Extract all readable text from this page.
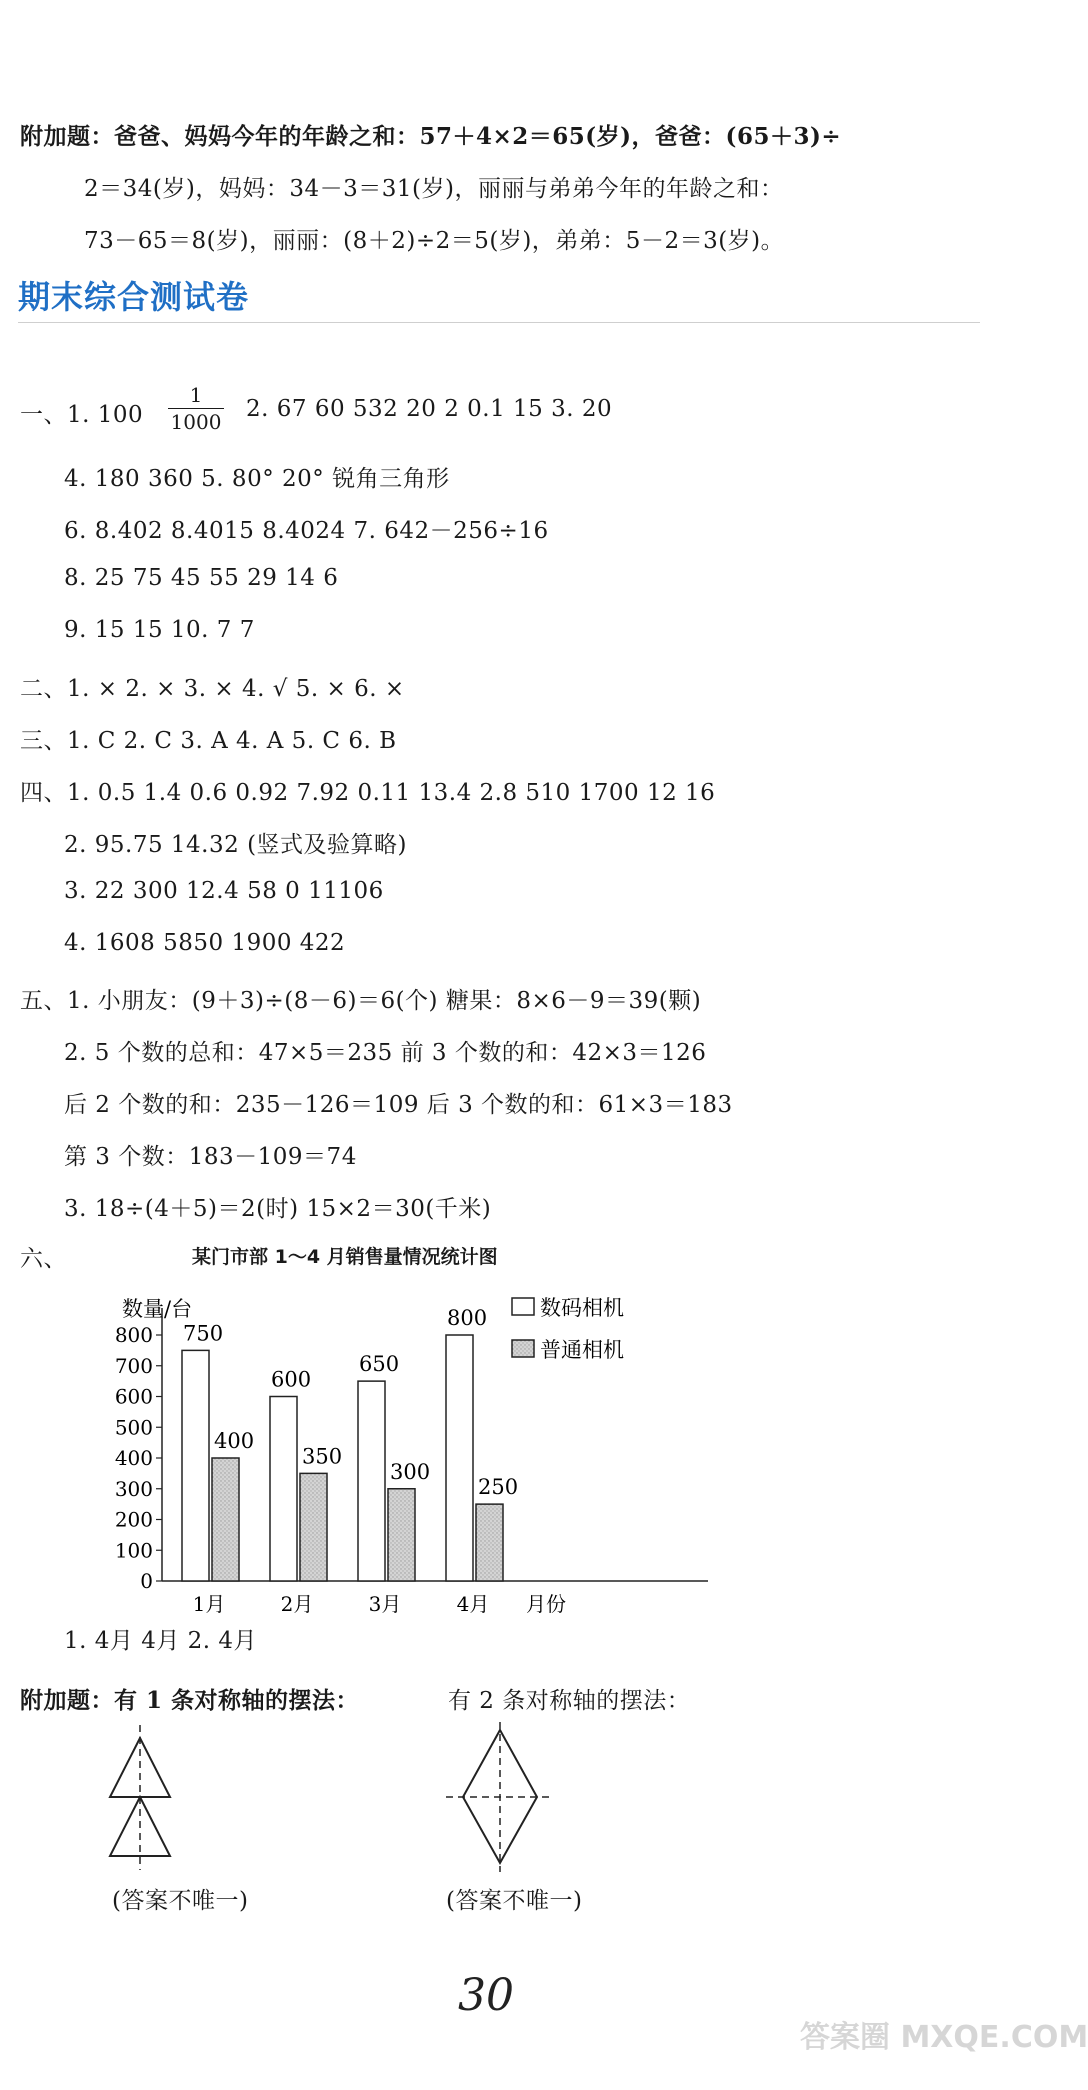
附加题：爸爸、妈妈今年的年龄之和：57＋4×2＝65(岁)，爸爸：(65＋3)÷
2＝34(岁)，妈妈：34－3＝31(岁)，丽丽与弟弟今年的年龄之和：
73－65＝8(岁)，丽丽：(8＋2)÷2＝5(岁)，弟弟：5－2＝3(岁)。
期末综合测试卷
一、1. 100
1
1000 2. 67 60 532 20 2 0.1 15 3. 20
4. 180 360 5. 80° 20° 锐角三角形
6. 8.402 8.4015 8.4024 7. 642－256÷16
8. 25 75 45 55 29 14 6
9. 15 15 10. 7 7
二、1. × 2. × 3. × 4. √ 5. × 6. ×
三、1. C 2. C 3. A 4. A 5. C 6. B
四、1. 0.5 1.4 0.6 0.92 7.92 0.11 13.4 2.8 510 1700 12 16
2. 95.75 14.32 (竖式及验算略)
3. 22 300 12.4 58 0 11106
4. 1608 5850 1900 422
五、1. 小朋友：(9＋3)÷(8－6)＝6(个) 糖果：8×6－9＝39(颗)
2. 5 个数的总和：47×5＝235 前 3 个数的和：42×3＝126
后 2 个数的和：235－126＝109 后 3 个数的和：61×3＝183
第 3 个数：183－109＝74
3. 18÷(4＋5)＝2(时) 15×2＝30(千米)
六、	某门市部 1～4 月销售量情况统计图
数量/台
800
700
600
500
400
300
200
100
0
750
400
1月
600
350
2月
650
300
3月
800
250
4月 月份
数码相机
普通相机
1. 4月 4月 2. 4月
附加题：有 1 条对称轴的摆法：	有 2 条对称轴的摆法：
(答案不唯一)	(答案不唯一)
30
答案圈 MXQE.COM
